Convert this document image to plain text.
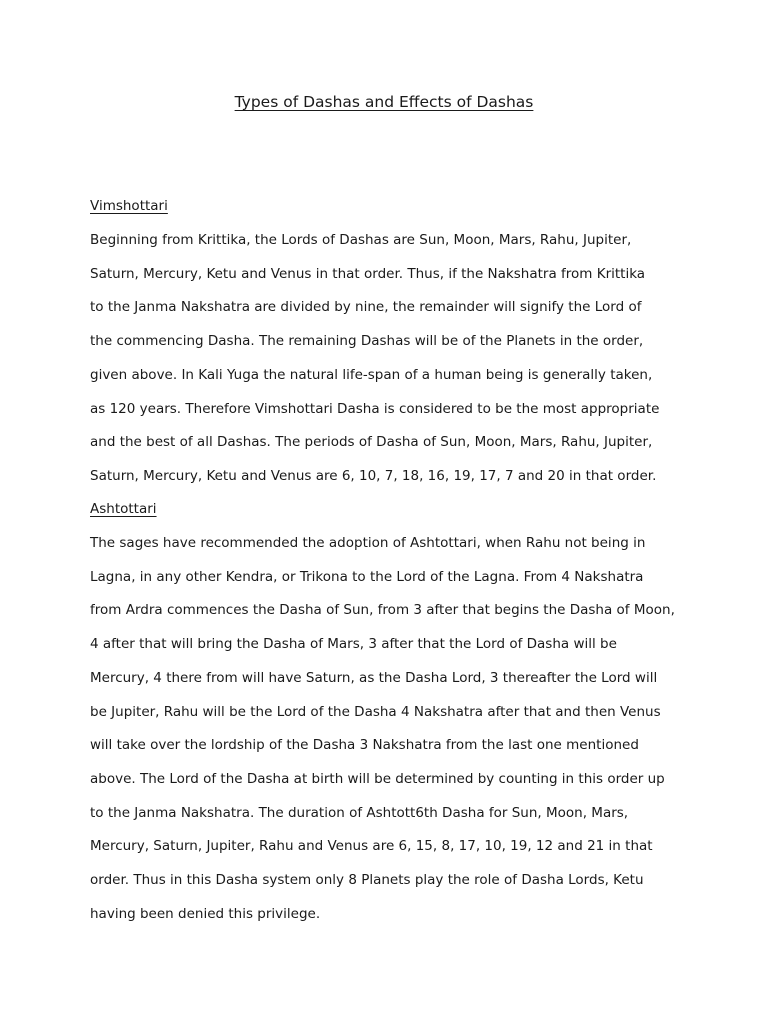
Types of Dashas and Effects of Dashas
Vimshottari

Beginning from Krittika, the Lords of Dashas are Sun, Moon, Mars, Rahu, Jupiter,

Saturn, Mercury, Ketu and Venus in that order. Thus, if the Nakshatra from Krittika

to the Janma Nakshatra are divided by nine, the remainder will signify the Lord of

the commencing Dasha. The remaining Dashas will be of the Planets in the order,

given above. In Kali Yuga the natural life-span of a human being is generally taken,

as 120 years. Therefore Vimshottari Dasha is considered to be the most appropriate

and the best of all Dashas. The periods of Dasha of Sun, Moon, Mars, Rahu, Jupiter,

Saturn, Mercury, Ketu and Venus are 6, 10, 7, 18, 16, 19, 17, 7 and 20 in that order.

Ashtottari

The sages have recommended the adoption of Ashtottari, when Rahu not being in

Lagna, in any other Kendra, or Trikona to the Lord of the Lagna. From 4 Nakshatra

from Ardra commences the Dasha of Sun, from 3 after that begins the Dasha of Moon,

4 after that will bring the Dasha of Mars, 3 after that the Lord of Dasha will be

Mercury, 4 there from will have Saturn, as the Dasha Lord, 3 thereafter the Lord will

be Jupiter, Rahu will be the Lord of the Dasha 4 Nakshatra after that and then Venus

will take over the lordship of the Dasha 3 Nakshatra from the last one mentioned

above. The Lord of the Dasha at birth will be determined by counting in this order up

to the Janma Nakshatra. The duration of Ashtott6th Dasha for Sun, Moon, Mars,

Mercury, Saturn, Jupiter, Rahu and Venus are 6, 15, 8, 17, 10, 19, 12 and 21 in that

order. Thus in this Dasha system only 8 Planets play the role of Dasha Lords, Ketu

having been denied this privilege.
